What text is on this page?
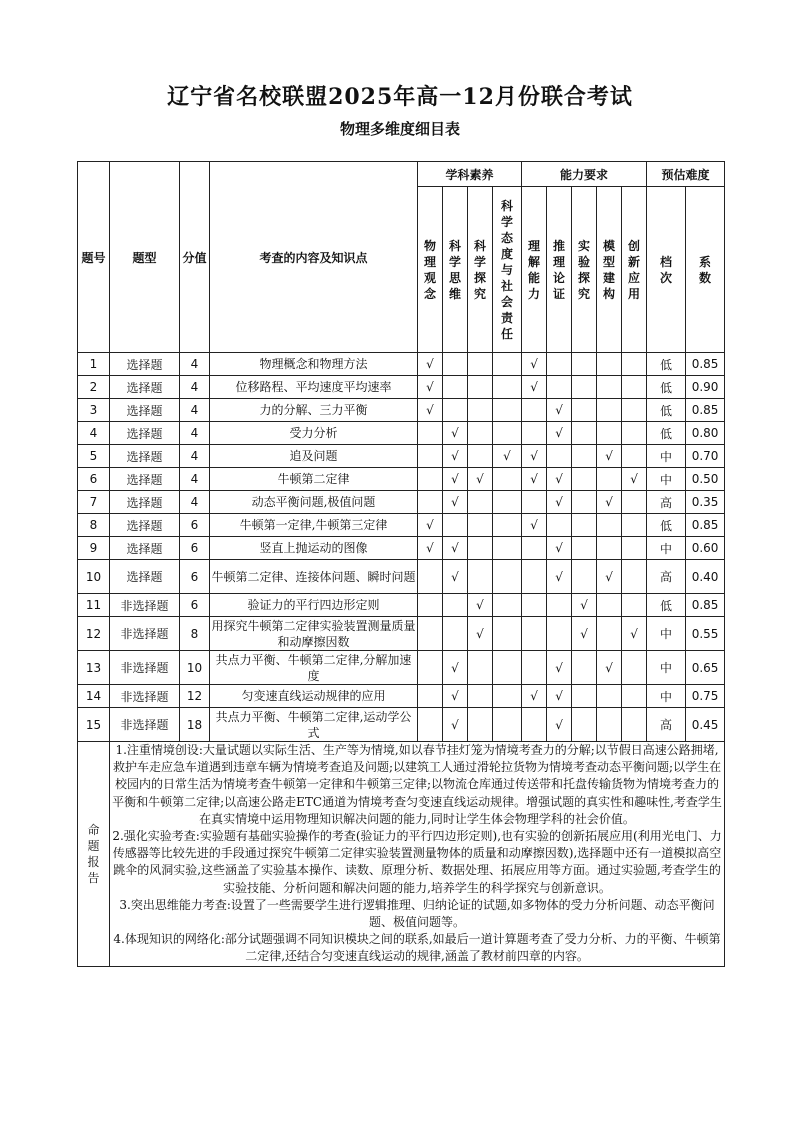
辽宁省名校联盟2025年高一12月份联合考试
物理多维度细目表
题号	题型	分值	考查的内容及知识点	学科素养				能力要求					预估难度	
				物理观念	科学思维	科学探究	科学态度与社会责任	理解能力	推理论证	实验探究	模型建构	创新应用	档次	系数
1	选择题	4	物理概念和物理方法	√				√					低	0.85
2	选择题	4	位移路程、平均速度平均速率	√				√					低	0.90
3	选择题	4	力的分解、三力平衡	√					√				低	0.85
4	选择题	4	受力分析		√				√				低	0.80
5	选择题	4	追及问题		√		√	√			√		中	0.70
6	选择题	4	牛顿第二定律		√	√		√	√			√	中	0.50
7	选择题	4	动态平衡问题,极值问题		√				√		√		高	0.35
8	选择题	6	牛顿第一定律,牛顿第三定律	√				√					低	0.85
9	选择题	6	竖直上抛运动的图像	√	√				√				中	0.60
10	选择题	6	牛顿第二定律、连接体问题、瞬时问题		√				√		√		高	0.40
11	非选择题	6	验证力的平行四边形定则			√				√			低	0.85
12	非选择题	8	用探究牛顿第二定律实验装置测量质量和动摩擦因数			√				√		√	中	0.55
13	非选择题	10	共点力平衡、牛顿第二定律,分解加速度		√				√		√		中	0.65
14	非选择题	12	匀变速直线运动规律的应用		√			√	√				中	0.75
15	非选择题	18	共点力平衡、牛顿第二定律,运动学公式		√				√				高	0.45
命题报告	1.注重情境创设:大量试题以实际生活、生产等为情境,如以春节挂灯笼为情境考查力的分解;以节假日高速公路拥堵,救护车走应急车道遇到违章车辆为情境考查追及问题;以建筑工人通过滑轮拉货物为情境考查动态平衡问题;以学生在校园内的日常生活为情境考查牛顿第一定律和牛顿第三定律;以物流仓库通过传送带和托盘传输货物为情境考查力的平衡和牛顿第二定律;以高速公路走ETC通道为情境考查匀变速直线运动规律。增强试题的真实性和趣味性,考查学生在真实情境中运用物理知识解决问题的能力,同时让学生体会物理学科的社会价值。

2.强化实验考查:实验题有基础实验操作的考查(验证力的平行四边形定则),也有实验的创新拓展应用(利用光电门、力传感器等比较先进的手段通过探究牛顿第二定律实验装置测量物体的质量和动摩擦因数),选择题中还有一道模拟高空跳伞的风洞实验,这些涵盖了实验基本操作、读数、原理分析、数据处理、拓展应用等方面。通过实验题,考查学生的实验技能、分析问题和解决问题的能力,培养学生的科学探究与创新意识。

3.突出思维能力考查:设置了一些需要学生进行逻辑推理、归纳论证的试题,如多物体的受力分析问题、动态平衡问题、极值问题等。

4.体现知识的网络化:部分试题强调不同知识模块之间的联系,如最后一道计算题考查了受力分析、力的平衡、牛顿第二定律,还结合匀变速直线运动的规律,涵盖了教材前四章的内容。													
